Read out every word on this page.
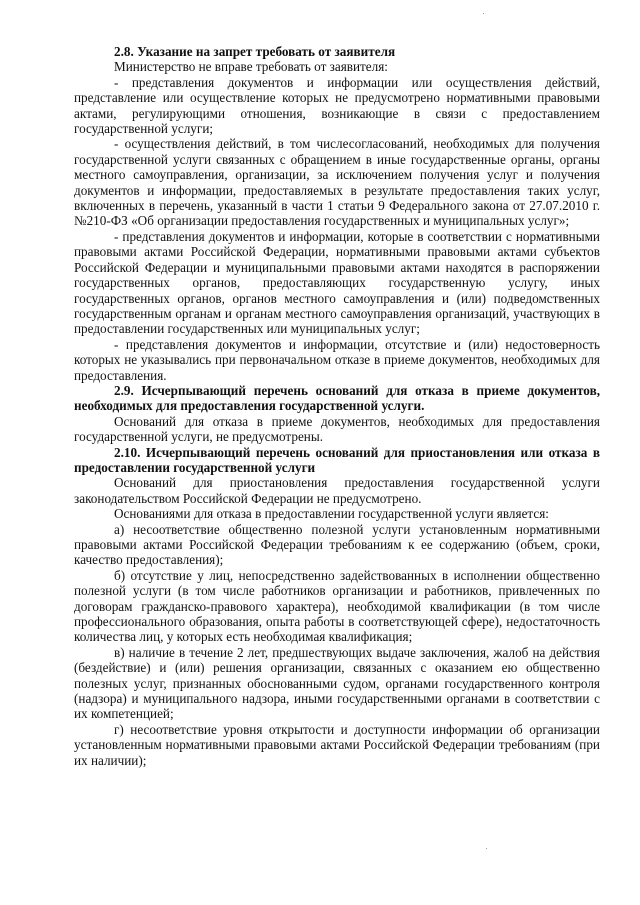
2.8. Указание на запрет требовать от заявителя

Министерство не вправе требовать от заявителя:

- представления документов и информации или осуществления действий, представление или осуществление которых не предусмотрено нормативными правовыми актами, регулирующими отношения, возникающие в связи с предоставлением государственной услуги;

- осуществления действий, в том числесогласований, необходимых для получения государственной услуги связанных с обращением в иные государственные органы, органы местного самоуправления, организации, за исключением получения услуг и получения документов и информации, предоставляемых в результате предоставления таких услуг, включенных в перечень, указанный в части 1 статьи 9 Федерального закона от 27.07.2010 г. №210-ФЗ «Об организации предоставления государственных и муниципальных услуг»;

- представления документов и информации, которые в соответствии с нормативными правовыми актами Российской Федерации, нормативными правовыми актами субъектов Российской Федерации и муниципальными правовыми актами находятся в распоряжении государственных органов, предоставляющих государственную услугу, иных государственных органов, органов местного самоуправления и (или) подведомственных государственным органам и органам местного самоуправления организаций, участвующих в предоставлении государственных или муниципальных услуг;

- представления документов и информации, отсутствие и (или) недостоверность которых не указывались при первоначальном отказе в приеме документов, необходимых для предоставления.

2.9. Исчерпывающий перечень оснований для отказа в приеме документов, необходимых для предоставления государственной услуги.

Оснований для отказа в приеме документов, необходимых для предоставления государственной услуги, не предусмотрены.

2.10. Исчерпывающий перечень оснований для приостановления или отказа в предоставлении государственной услуги

Оснований для приостановления предоставления государственной услуги законодательством Российской Федерации не предусмотрено.

Основаниями для отказа в предоставлении государственной услуги является:

а) несоответствие общественно полезной услуги установленным нормативными правовыми актами Российской Федерации требованиям к ее содержанию (объем, сроки, качество предоставления);

б) отсутствие у лиц, непосредственно задействованных в исполнении общественно полезной услуги (в том числе работников организации и работников, привлеченных по договорам гражданско-правового характера), необходимой квалификации (в том числе профессионального образования, опыта работы в соответствующей сфере), недостаточность количества лиц, у которых есть необходимая квалификация;

в) наличие в течение 2 лет, предшествующих выдаче заключения, жалоб на действия (бездействие) и (или) решения организации, связанных с оказанием ею общественно полезных услуг, признанных обоснованными судом, органами государственного контроля (надзора) и муниципального надзора, иными государственными органами в соответствии с их компетенцией;

г) несоответствие уровня открытости и доступности информации об организации установленным нормативными правовыми актами Российской Федерации требованиям (при их наличии);
